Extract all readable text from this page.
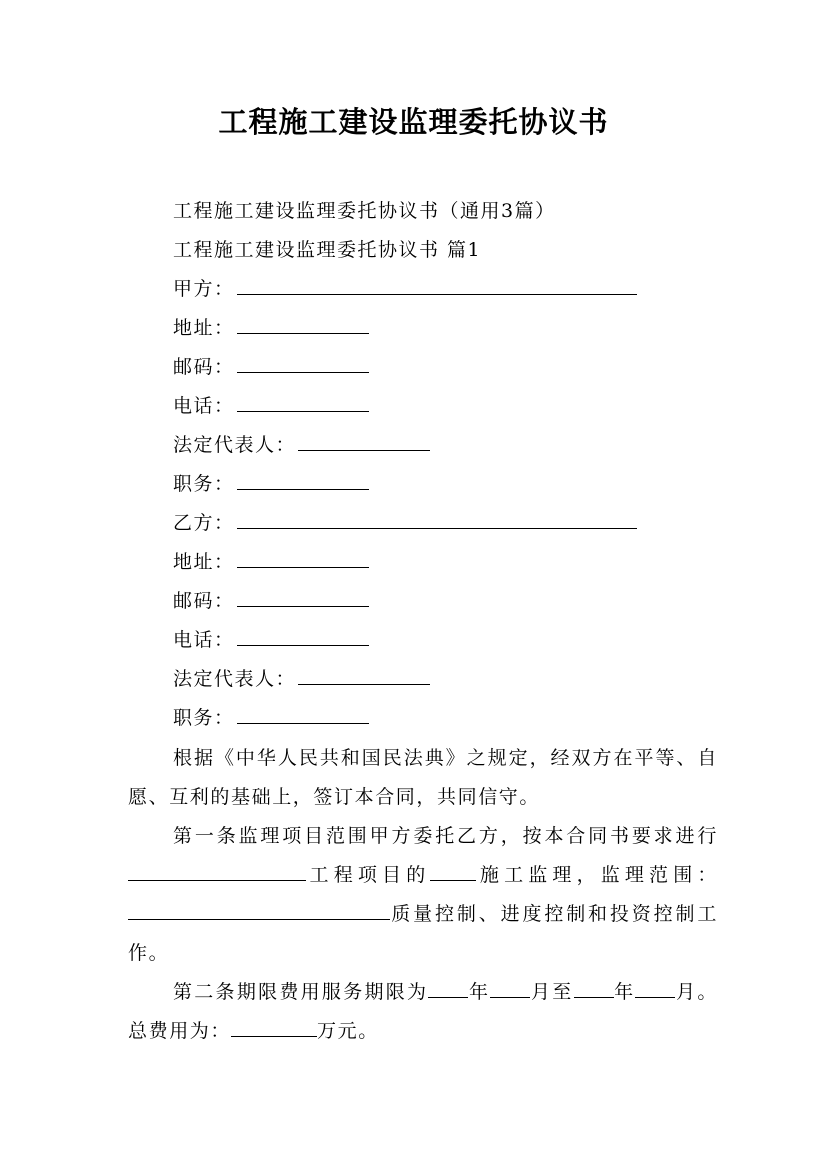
工程施工建设监理委托协议书
工程施工建设监理委托协议书（通用3篇）
工程施工建设监理委托协议书 篇1
甲方：
地址：
邮码：
电话：
法定代表人：
职务：
乙方：
地址：
邮码：
电话：
法定代表人：
职务：
根据《中华人民共和国民法典》之规定，经双方在平等、自愿、互利的基础上，签订本合同，共同信守。
第一条监理项目范围甲方委托乙方，按本合同书要求进行工程项目的 施工监理，监理范围：质量控制、进度控制和投资控制工作。
第二条期限费用服务期限为 年 月至 年 月。总费用为：	万元。
